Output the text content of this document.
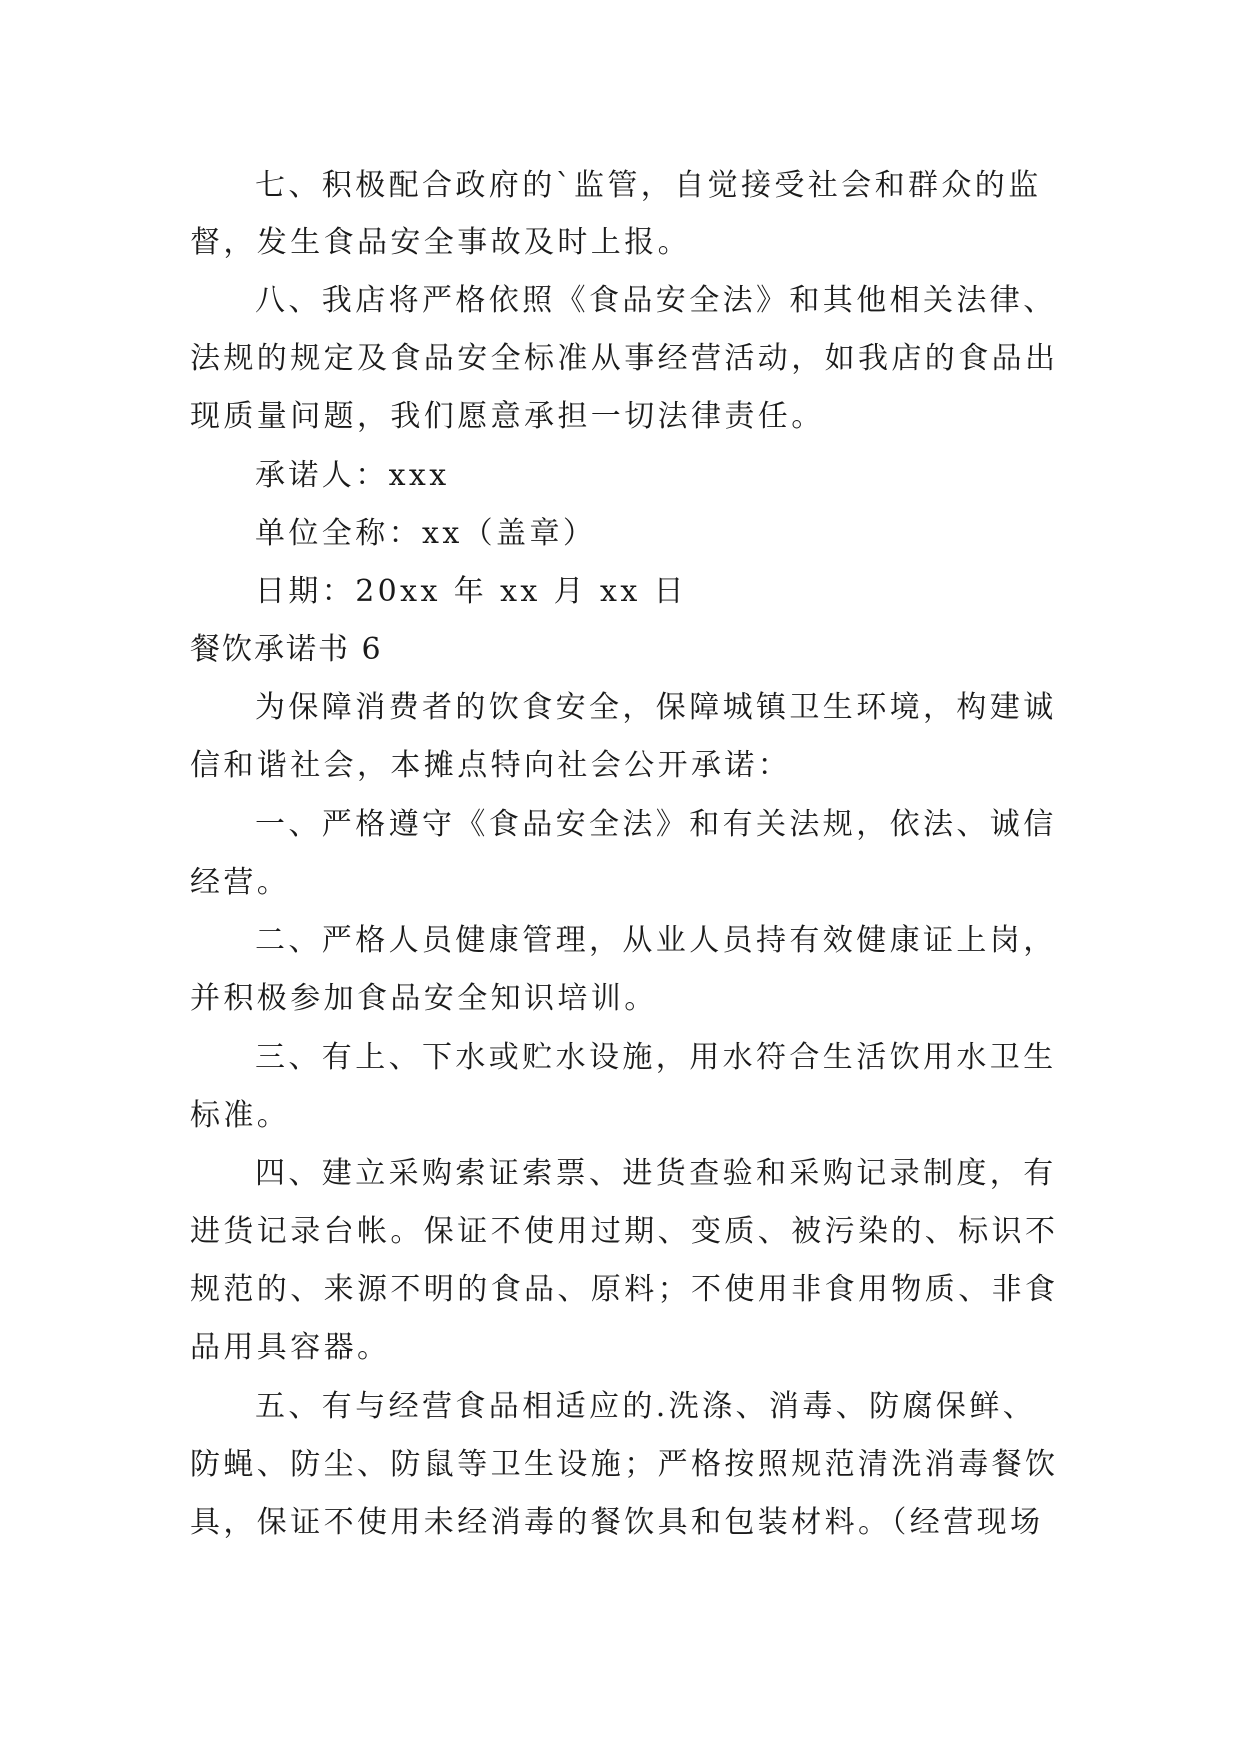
七、积极配合政府的`监管，自觉接受社会和群众的监
督，发生食品安全事故及时上报。
八、我店将严格依照《食品安全法》和其他相关法律、
法规的规定及食品安全标准从事经营活动，如我店的食品出
现质量问题，我们愿意承担一切法律责任。
承诺人：xxx
单位全称：xx（盖章）
日期：20xx 年 xx 月 xx 日
餐饮承诺书 6
为保障消费者的饮食安全，保障城镇卫生环境，构建诚
信和谐社会，本摊点特向社会公开承诺：
一、严格遵守《食品安全法》和有关法规，依法、诚信
经营。
二、严格人员健康管理，从业人员持有效健康证上岗，
并积极参加食品安全知识培训。
三、有上、下水或贮水设施，用水符合生活饮用水卫生
标准。
四、建立采购索证索票、进货查验和采购记录制度，有
进货记录台帐。保证不使用过期、变质、被污染的、标识不
规范的、来源不明的食品、原料；不使用非食用物质、非食
品用具容器。
五、有与经营食品相适应的.洗涤、消毒、防腐保鲜、
防蝇、防尘、防鼠等卫生设施；严格按照规范清洗消毒餐饮
具，保证不使用未经消毒的餐饮具和包装材料。（经营现场
